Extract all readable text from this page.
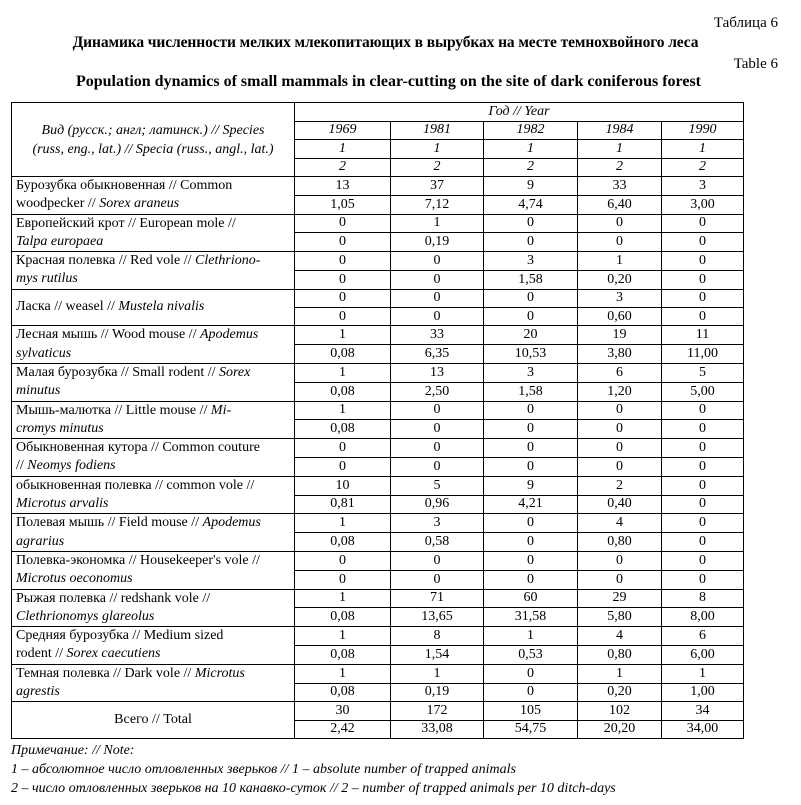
Таблица 6
Динамика численности мелких млекопитающих в вырубках на месте темнохвойного леса
Table 6
Population dynamics of small mammals in clear-cutting on the site of dark coniferous forest
Вид (русск.; англ; латинск.) // Species
(russ, eng., lat.) // Specia (russ., angl., lat.)	Год // Year				
	1969	1981	1982	1984	1990
	1	1	1	1	1
	2	2	2	2	2

Бурозубка обыкновенная // Common
woodpecker // Sorex araneus	13	37	9	33	3
	1,05	7,12	4,74	6,40	3,00

Европейский крот // European mole //
Talpa europaea	0	1	0	0	0
	0	0,19	0	0	0

Красная полевка // Red vole // Clethriono-
mys rutilus	0	0	3	1	0
	0	0	1,58	0,20	0

Ласка // weasel // Mustela nivalis	0	0	0	3	0
	0	0	0	0,60	0

Лесная мышь // Wood mouse // Apodemus
sylvaticus	1	33	20	19	11
	0,08	6,35	10,53	3,80	11,00

Малая бурозубка // Small rodent // Sorex
minutus	1	13	3	6	5
	0,08	2,50	1,58	1,20	5,00

Мышь-малютка // Little mouse // Mi-
cromys minutus	1	0	0	0	0
	0,08	0	0	0	0

Обыкновенная кутора // Common couture
// Neomys fodiens	0	0	0	0	0
	0	0	0	0	0

обыкновенная полевка // common vole //
Microtus arvalis	10	5	9	2	0
	0,81	0,96	4,21	0,40	0

Полевая мышь // Field mouse // Apodemus
agrarius	1	3	0	4	0
	0,08	0,58	0	0,80	0

Полевка-экономка // Housekeeper's vole //
Microtus oeconomus	0	0	0	0	0
	0	0	0	0	0

Рыжая полевка // redshank vole //
Clethrionomys glareolus	1	71	60	29	8
	0,08	13,65	31,58	5,80	8,00

Средняя бурозубка // Medium sized
rodent // Sorex caecutiens	1	8	1	4	6
	0,08	1,54	0,53	0,80	6,00

Темная полевка // Dark vole // Microtus
agrestis	1	1	0	1	1
	0,08	0,19	0	0,20	1,00
Всего // Total	30	172	105	102	34
	2,42	33,08	54,75	20,20	34,00
Примечание: // Note:
1 – абсолютное число отловленных зверьков // 1 – absolute number of trapped animals
2 – число отловленных зверьков на 10 канавко-суток // 2 – number of trapped animals per 10 ditch-days
